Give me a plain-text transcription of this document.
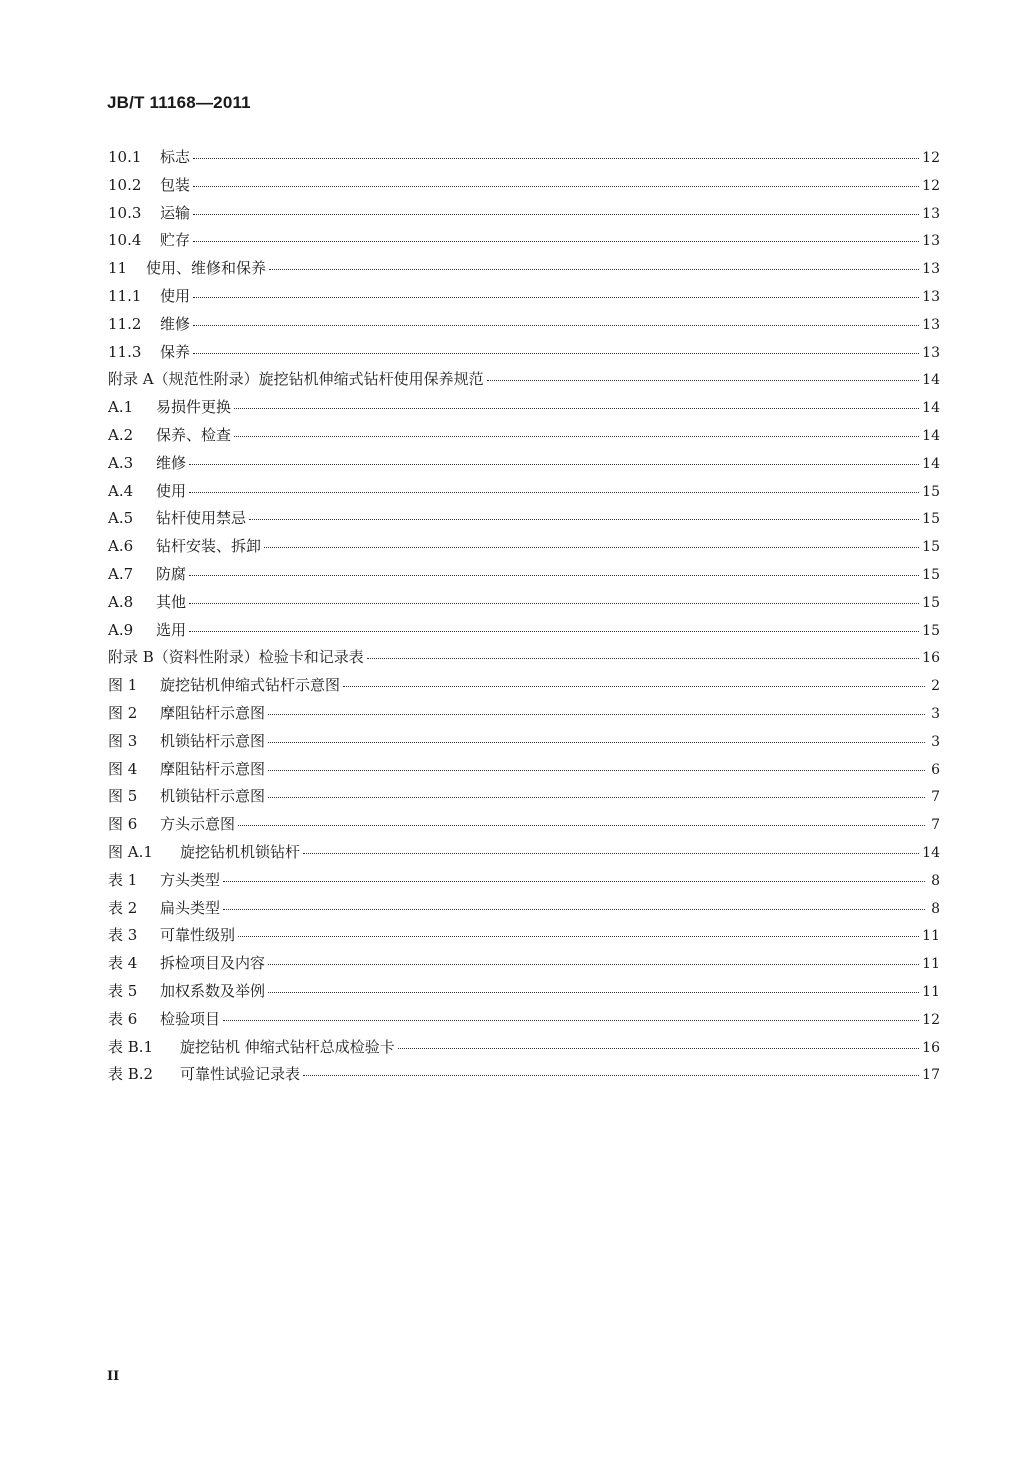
JB/T 11168—2011
10.1	标志	12
10.2	包装	12
10.3	运输	13
10.4	贮存	13
11	使用、维修和保养	13
11.1	使用	13
11.2	维修	13
11.3	保养	13
附录 A （规范性附录）旋挖钻机伸缩式钻杆使用保养规范	14
A.1	易损件更换	14
A.2	保养、检查	14
A.3	维修	14
A.4	使用	15
A.5	钻杆使用禁忌	15
A.6	钻杆安装、拆卸	15
A.7	防腐	15
A.8	其他	15
A.9	选用	15
附录 B （资料性附录）检验卡和记录表	16
图 1	旋挖钻机伸缩式钻杆示意图	2
图 2	摩阻钻杆示意图	3
图 3	机锁钻杆示意图	3
图 4	摩阻钻杆示意图	6
图 5	机锁钻杆示意图	7
图 6	方头示意图	7
图 A.1	旋挖钻机机锁钻杆	14
表 1	方头类型	8
表 2	扁头类型	8
表 3	可靠性级别	11
表 4	拆检项目及内容	11
表 5	加权系数及举例	11
表 6	检验项目	12
表 B.1	旋挖钻机 伸缩式钻杆总成检验卡	16
表 B.2	可靠性试验记录表	17
II
